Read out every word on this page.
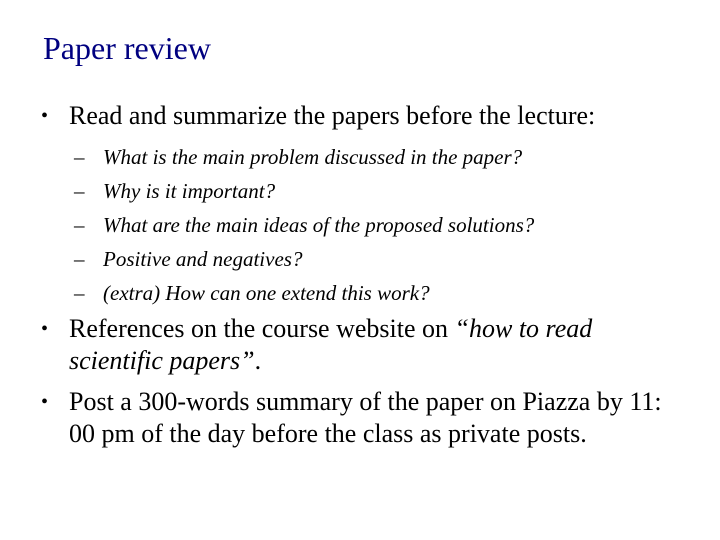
Paper review
• Read and summarize the papers before the lecture:
– What is the main problem discussed in the paper?
– Why is it important?
– What are the main ideas of the proposed solutions?
– Positive and negatives?
– (extra) How can one extend this work?
• References on the course website on “how to read scientific papers”.
• Post a 300-words summary of the paper on Piazza by 11: 00 pm of the day before the class as private posts.
